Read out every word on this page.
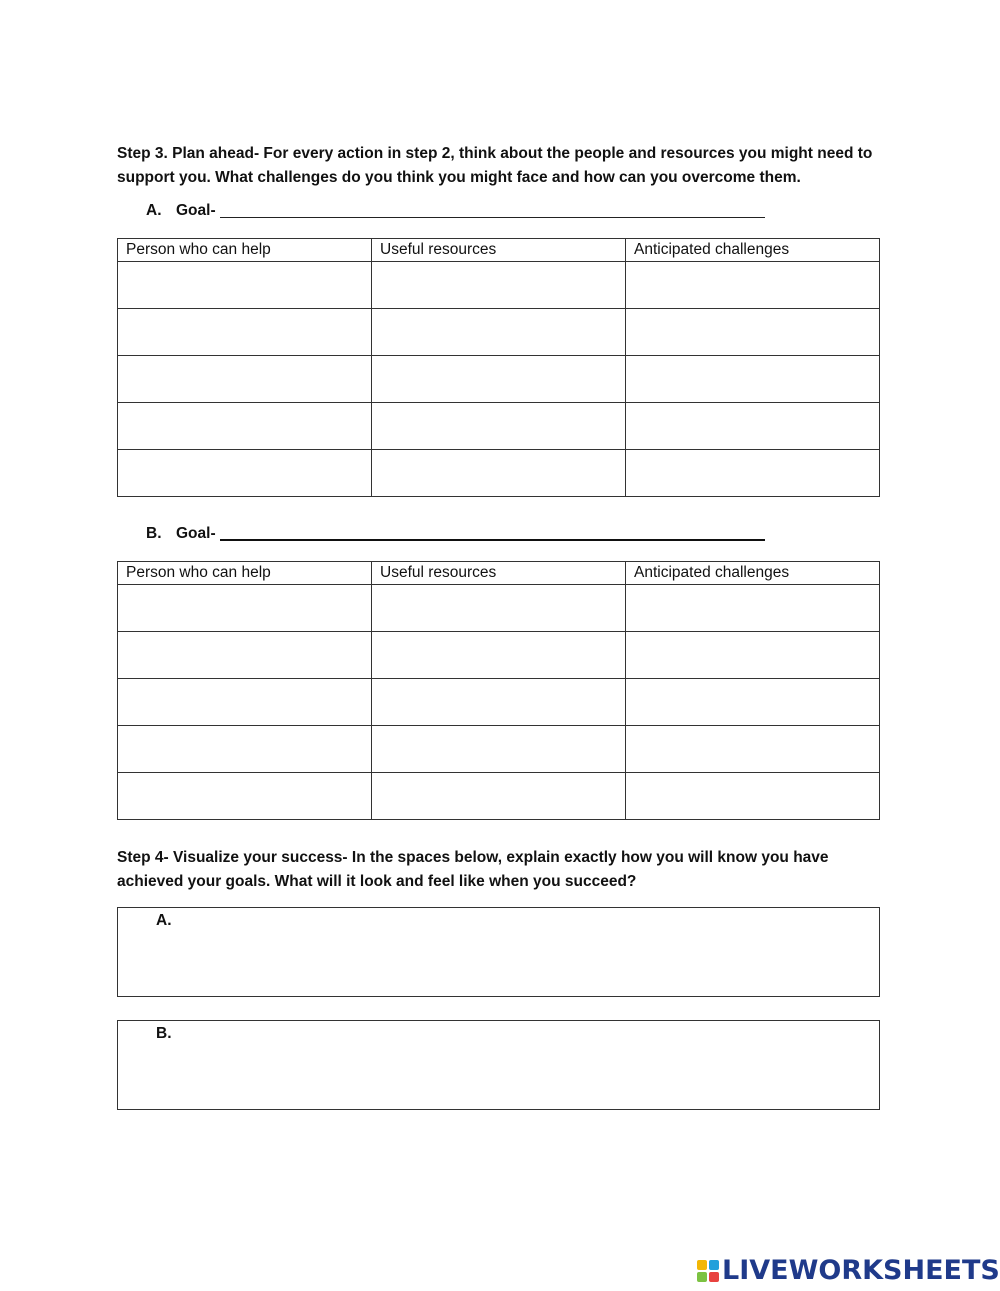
Step 3. Plan ahead- For every action in step 2, think about the people and resources you might need to support you. What challenges do you think you might face and how can you overcome them.
A. Goal-
Person who can help	Useful resources	Anticipated challenges

B. Goal-
Person who can help	Useful resources	Anticipated challenges

Step 4- Visualize your success- In the spaces below, explain exactly how you will know you have achieved your goals. What will it look and feel like when you succeed?
A.
B.
LIVEWORKSHEETS
